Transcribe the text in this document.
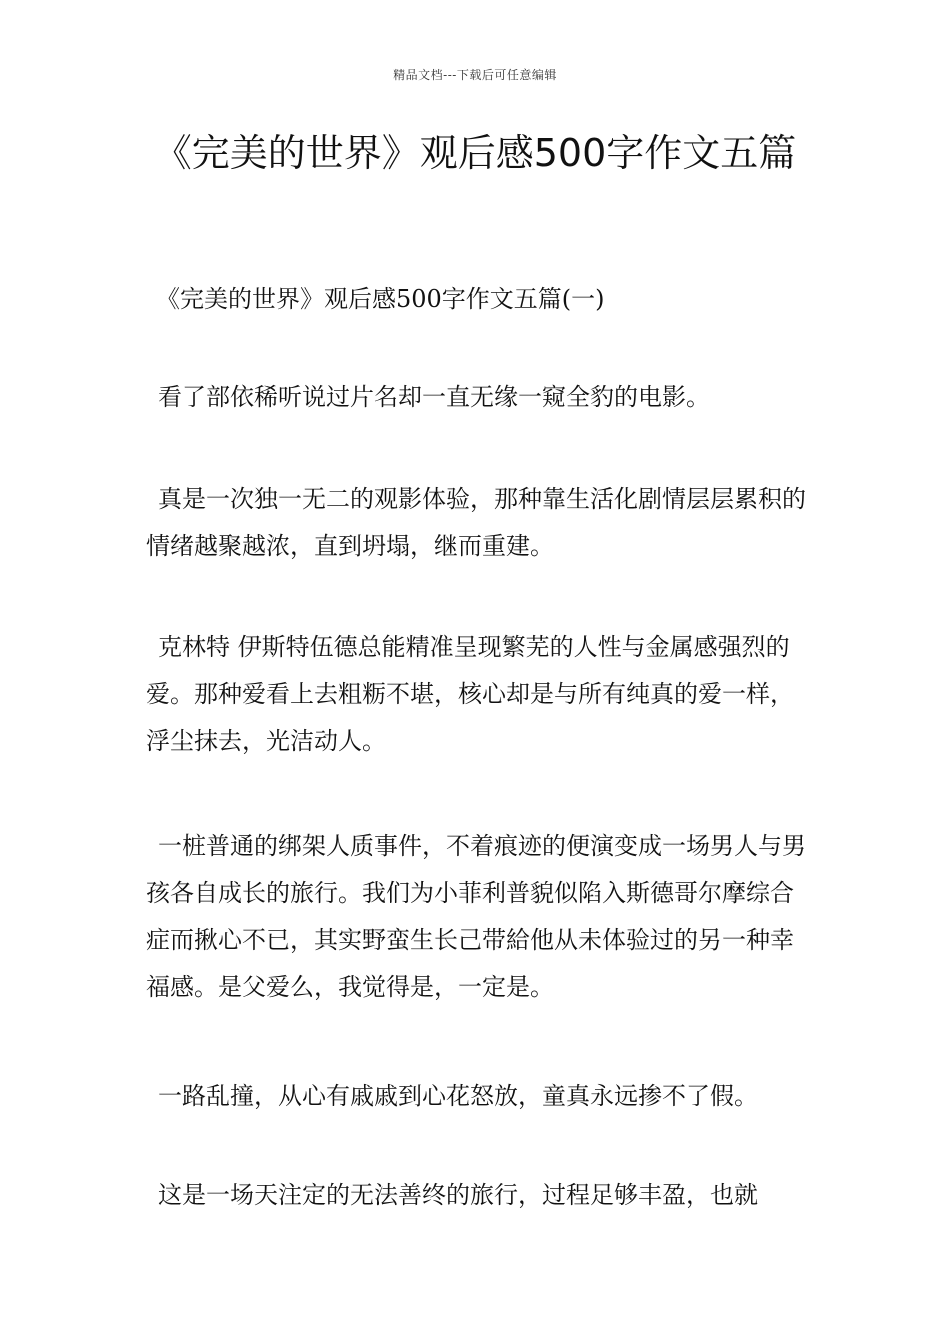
精品文档---下载后可任意编辑
《完美的世界》观后感500字作文五篇
《完美的世界》观后感500字作文五篇(一)

看了部依稀听说过片名却一直无缘一窥全豹的电影。

真是一次独一无二的观影体验，那种靠生活化剧情层层累积的情绪越聚越浓，直到坍塌，继而重建。

克林特 伊斯特伍德总能精准呈现繁芜的人性与金属感强烈的爱。那种爱看上去粗粝不堪，核心却是与所有纯真的爱一样，浮尘抹去，光洁动人。

一桩普通的绑架人质事件，不着痕迹的便演变成一场男人与男孩各自成长的旅行。我们为小菲利普貌似陷入斯德哥尔摩综合症而揪心不已，其实野蛮生长己带給他从未体验过的另一种幸福感。是父爱么，我觉得是，一定是。

一路乱撞，从心有戚戚到心花怒放，童真永远掺不了假。

这是一场天注定的无法善终的旅行，过程足够丰盈，也就
